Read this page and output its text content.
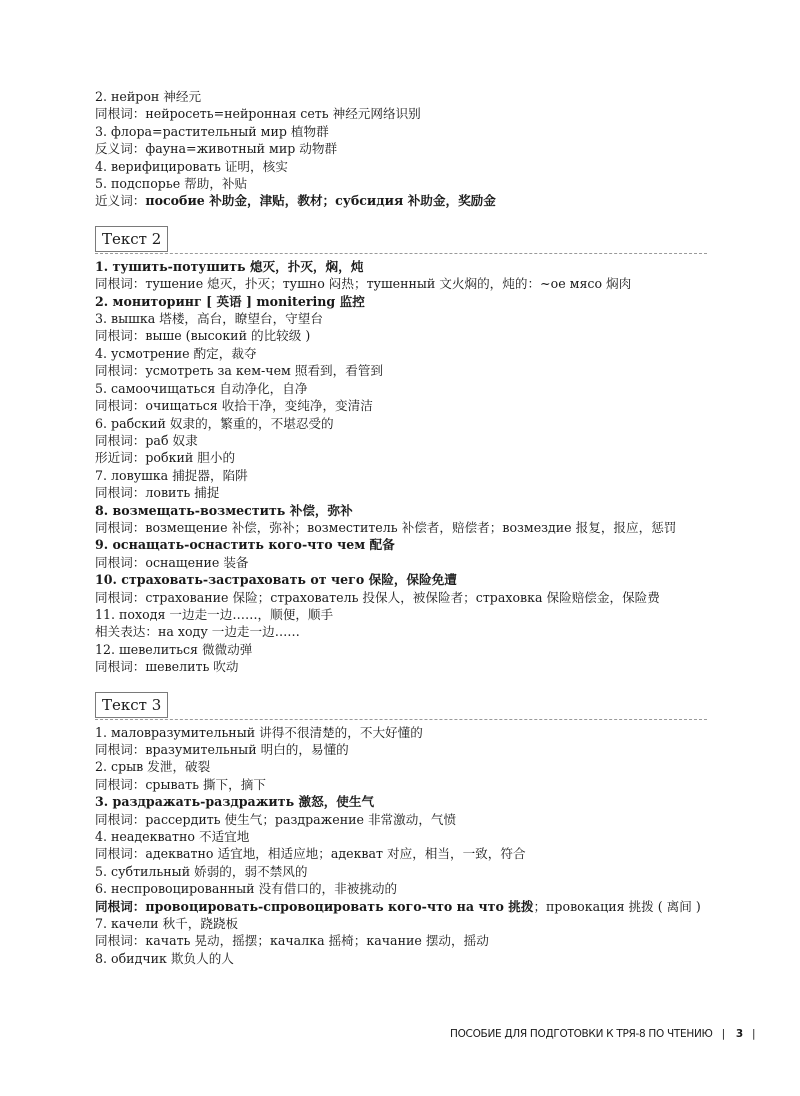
2. нейрон 神经元
同根词：нейросеть=нейронная сеть 神经元网络识别
3. флора=растительный мир 植物群
反义词：фауна=животный мир 动物群
4. верифицировать 证明，核实
5. подспорье 帮助，补贴
近义词：пособие 补助金，津贴，教材；субсидия 补助金，奖励金
Текст 2
1. тушить-потушить 熄灭，扑灭，焖，炖
同根词：тушение 熄灭，扑灭；тушно 闷热；тушенный 文火焖的，炖的：~ое мясо 焖肉
2. мониторинг [ 英语 ] monitering 监控
3. вышка 塔楼，高台，瞭望台，守望台
同根词：выше (высокий 的比较级 )
4. усмотрение 酌定，裁夺
同根词：усмотреть за кем-чем 照看到，看管到
5. самоочищаться 自动净化，自净
同根词：очищаться 收拾干净，变纯净，变清洁
6. рабский 奴隶的，繁重的，不堪忍受的
同根词：раб 奴隶
形近词：робкий 胆小的
7. ловушка 捕捉器，陷阱
同根词：ловить 捕捉
8. возмещать-возместить 补偿，弥补
同根词：возмещение 补偿，弥补；возместитель 补偿者，赔偿者；возмездие 报复，报应，惩罚
9. оснащать-оснастить кого-что чем 配备
同根词：оснащение 装备
10. страховать-застраховать от чего 保险，保险免遭
同根词：страхование 保险；страхователь 投保人，被保险者；страховка 保险赔偿金，保险费
11. походя 一边走一边……，顺便，顺手
相关表达：на ходу 一边走一边……
12. шевелиться 微微动弹
同根词：шевелить 吹动
Текст 3
1. маловразумительный 讲得不很清楚的，不大好懂的
同根词：вразумительный 明白的，易懂的
2. срыв 发泄，破裂
同根词：срывать 撕下，摘下
3. раздражать-раздражить 激怒，使生气
同根词：рассердить 使生气；раздражение 非常激动，气愤
4. неадекватно 不适宜地
同根词：адекватно 适宜地，相适应地；адекват 对应，相当，一致，符合
5. субтильный 娇弱的，弱不禁风的
6. неспровоцированный 没有借口的，非被挑动的
同根词：провоцировать-спровоцировать кого-что на что 挑拨；провокация 挑拨 ( 离间 )
7. качели 秋千，跷跷板
同根词：качать 晃动，摇摆；качалка 摇椅；качание 摆动，摇动
8. обидчик 欺负人的人
ПОСОБИЕ ДЛЯ ПОДГОТОВКИ К ТРЯ-8 ПО ЧТЕНИЮ | 3 |
